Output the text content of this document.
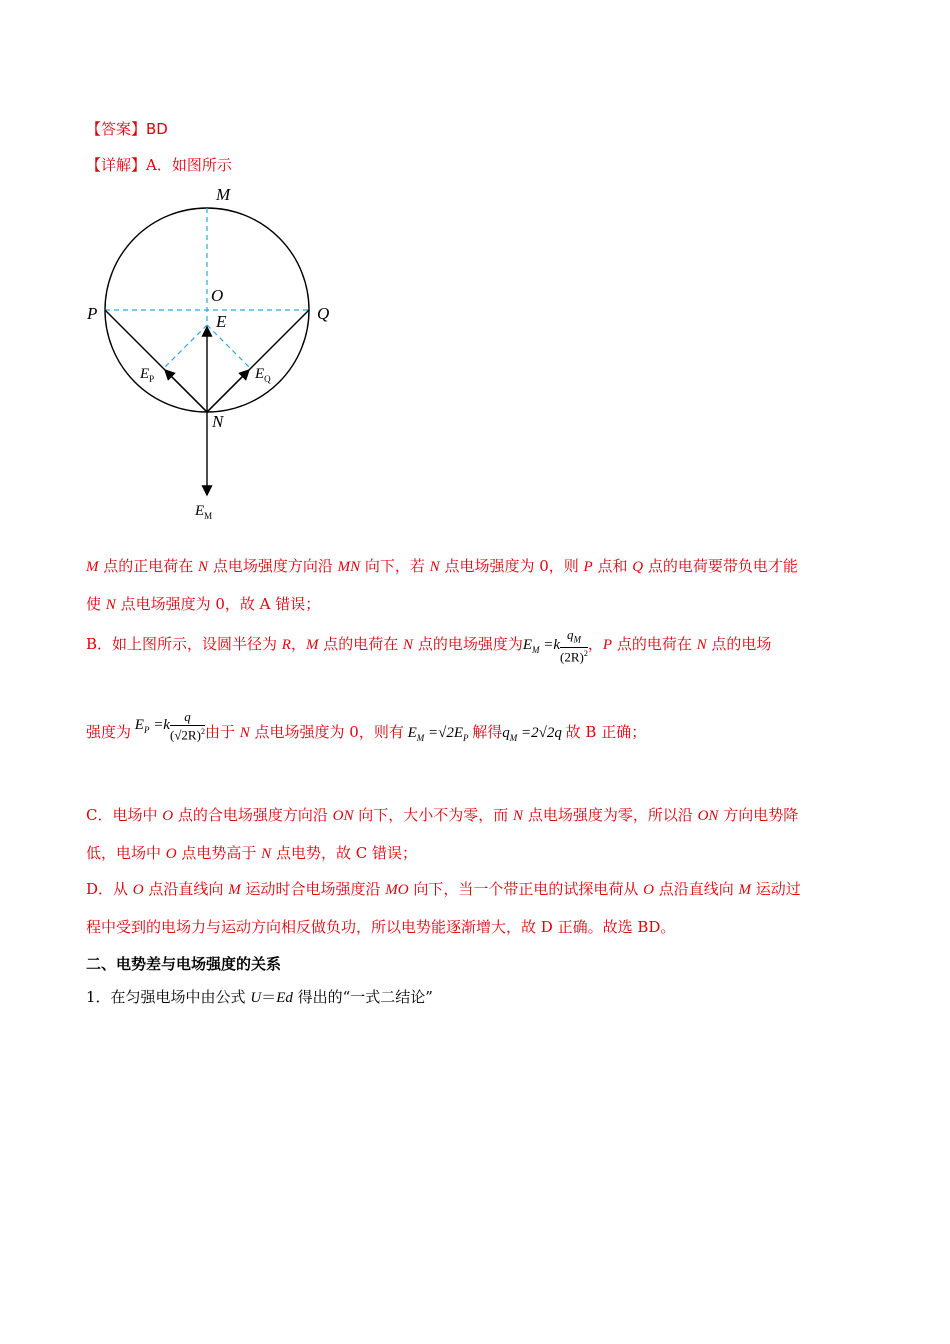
【答案】BD
【详解】A．如图所示
M
O
P	Q
E
N
$E_P$	$E_Q$
$E_M$
M 点的正电荷在 N 点电场强度方向沿 MN 向下，若 N 点电场强度为 0，则 P 点和 Q 点的电荷要带负电才能
使 N 点电场强度为 0，故 A 错误；
B．如上图所示，设圆半径为 R，M 点的电荷在 N 点的电场强度为$E_M =k \frac{q_M}{(2R)^2}$ ，P 点的电荷在 N 点的电场
强度为 $E_P =k \frac{q}{(√2R)^2}$ 由于 N 点电场强度为 0，则有 $E_M =√2E_P$ 解得$q_M =2√2q$ 故 B 正确；
C．电场中 O 点的合电场强度方向沿 ON 向下，大小不为零，而 N 点电场强度为零，所以沿 ON 方向电势降
低，电场中 O 点电势高于 N 点电势，故 C 错误；
D．从 O 点沿直线向 M 运动时合电场强度沿 MO 向下，当一个带正电的试探电荷从 O 点沿直线向 M 运动过
程中受到的电场力与运动方向相反做负功，所以电势能逐渐增大，故 D 正确。故选 BD。
二、电势差与电场强度的关系
1．在匀强电场中由公式 U＝Ed 得出的“一式二结论”
